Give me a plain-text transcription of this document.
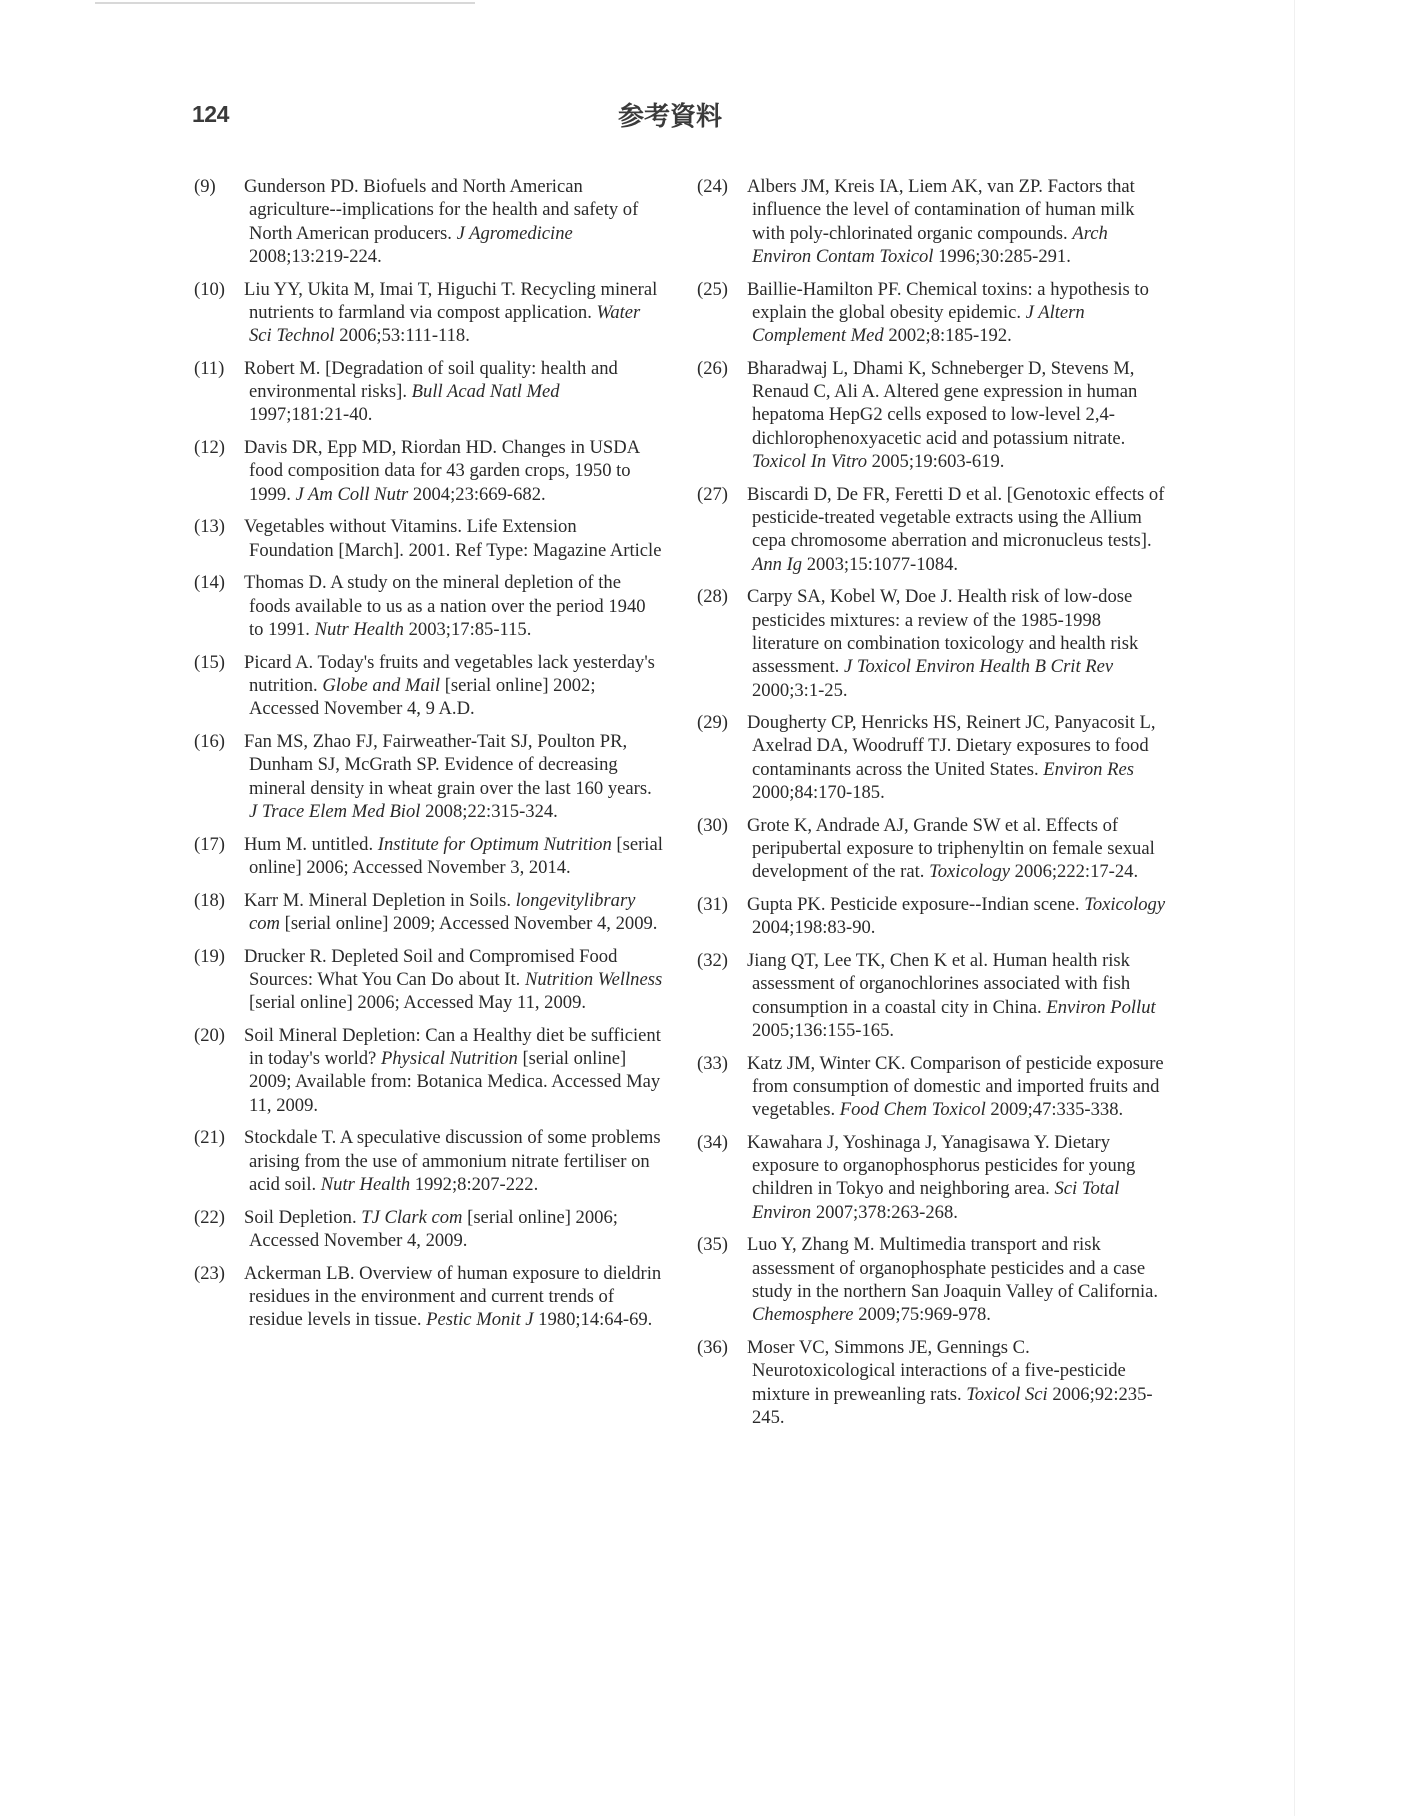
124	参考資料
(9) Gunderson PD. Biofuels and North American agriculture--implications for the health and safety of North American producers. J Agromedicine 2008;13:219-224.
(10) Liu YY, Ukita M, Imai T, Higuchi T. Recycling mineral nutrients to farmland via compost application. Water Sci Technol 2006;53:111-118.
(11) Robert M. [Degradation of soil quality: health and environmental risks]. Bull Acad Natl Med 1997;181:21-40.
(12) Davis DR, Epp MD, Riordan HD. Changes in USDA food composition data for 43 garden crops, 1950 to 1999. J Am Coll Nutr 2004;23:669-682.
(13) Vegetables without Vitamins. Life Extension Foundation [March]. 2001. Ref Type: Magazine Article
(14) Thomas D. A study on the mineral depletion of the foods available to us as a nation over the period 1940 to 1991. Nutr Health 2003;17:85-115.
(15) Picard A. Today's fruits and vegetables lack yesterday's nutrition. Globe and Mail [serial online] 2002; Accessed November 4, 9 A.D.
(16) Fan MS, Zhao FJ, Fairweather-Tait SJ, Poulton PR, Dunham SJ, McGrath SP. Evidence of decreasing mineral density in wheat grain over the last 160 years. J Trace Elem Med Biol 2008;22:315-324.
(17) Hum M. untitled. Institute for Optimum Nutrition [serial online] 2006; Accessed November 3, 2014.
(18) Karr M. Mineral Depletion in Soils. longevitylibrary com [serial online] 2009; Accessed November 4, 2009.
(19) Drucker R. Depleted Soil and Compromised Food Sources: What You Can Do about It. Nutrition Wellness [serial online] 2006; Accessed May 11, 2009.
(20) Soil Mineral Depletion: Can a Healthy diet be sufficient in today's world? Physical Nutrition [serial online] 2009; Available from: Botanica Medica. Accessed May 11, 2009.
(21) Stockdale T. A speculative discussion of some problems arising from the use of ammonium nitrate fertiliser on acid soil. Nutr Health 1992;8:207-222.
(22) Soil Depletion. TJ Clark com [serial online] 2006; Accessed November 4, 2009.
(23) Ackerman LB. Overview of human exposure to dieldrin residues in the environment and current trends of residue levels in tissue. Pestic Monit J 1980;14:64-69.
(24) Albers JM, Kreis IA, Liem AK, van ZP. Factors that influence the level of contamination of human milk with poly-chlorinated organic compounds. Arch Environ Contam Toxicol 1996;30:285-291.
(25) Baillie-Hamilton PF. Chemical toxins: a hypothesis to explain the global obesity epidemic. J Altern Complement Med 2002;8:185-192.
(26) Bharadwaj L, Dhami K, Schneberger D, Stevens M, Renaud C, Ali A. Altered gene expression in human hepatoma HepG2 cells exposed to low-level 2,4-dichlorophenoxyacetic acid and potassium nitrate. Toxicol In Vitro 2005;19:603-619.
(27) Biscardi D, De FR, Feretti D et al. [Genotoxic effects of pesticide-treated vegetable extracts using the Allium cepa chromosome aberration and micronucleus tests]. Ann Ig 2003;15:1077-1084.
(28) Carpy SA, Kobel W, Doe J. Health risk of low-dose pesticides mixtures: a review of the 1985-1998 literature on combination toxicology and health risk assessment. J Toxicol Environ Health B Crit Rev 2000;3:1-25.
(29) Dougherty CP, Henricks HS, Reinert JC, Panyacosit L, Axelrad DA, Woodruff TJ. Dietary exposures to food contaminants across the United States. Environ Res 2000;84:170-185.
(30) Grote K, Andrade AJ, Grande SW et al. Effects of peripubertal exposure to triphenyltin on female sexual development of the rat. Toxicology 2006;222:17-24.
(31) Gupta PK. Pesticide exposure--Indian scene. Toxicology 2004;198:83-90.
(32) Jiang QT, Lee TK, Chen K et al. Human health risk assessment of organochlorines associated with fish consumption in a coastal city in China. Environ Pollut 2005;136:155-165.
(33) Katz JM, Winter CK. Comparison of pesticide exposure from consumption of domestic and imported fruits and vegetables. Food Chem Toxicol 2009;47:335-338.
(34) Kawahara J, Yoshinaga J, Yanagisawa Y. Dietary exposure to organophosphorus pesticides for young children in Tokyo and neighboring area. Sci Total Environ 2007;378:263-268.
(35) Luo Y, Zhang M. Multimedia transport and risk assessment of organophosphate pesticides and a case study in the northern San Joaquin Valley of California. Chemosphere 2009;75:969-978.
(36) Moser VC, Simmons JE, Gennings C. Neurotoxicological interactions of a five-pesticide mixture in preweanling rats. Toxicol Sci 2006;92:235-245.
